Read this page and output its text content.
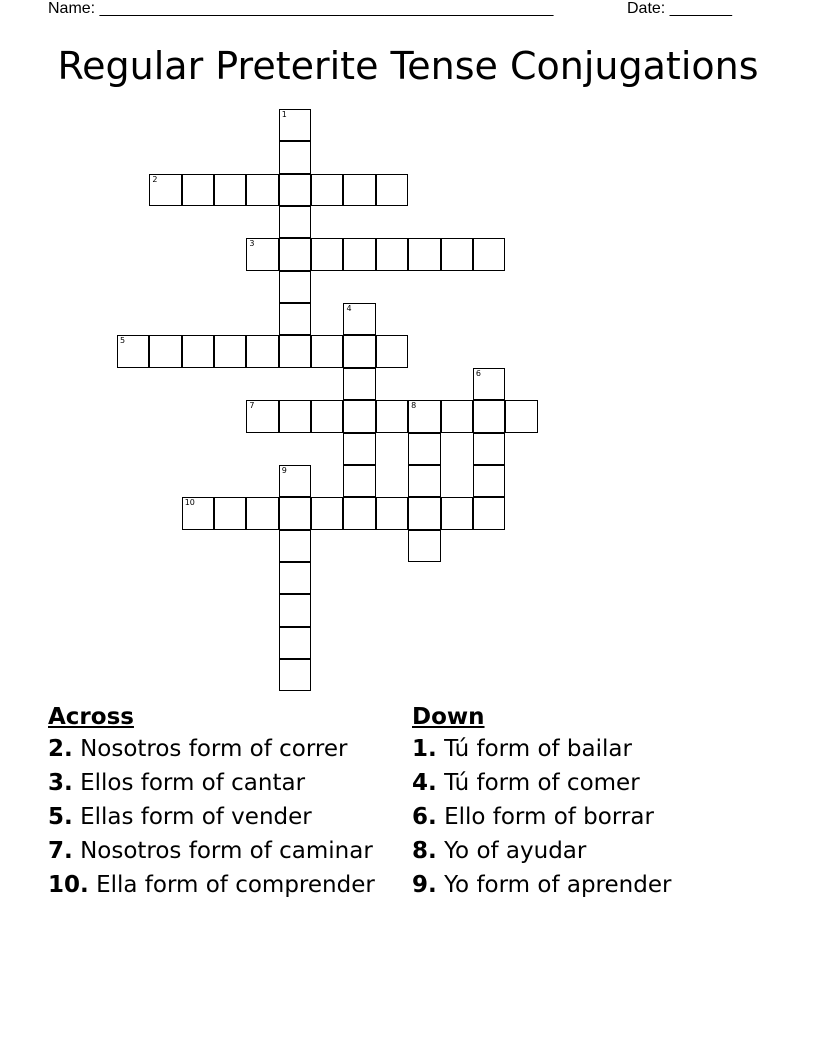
Name: ___________________________________________________	Date: _______
Regular Preterite Tense Conjugations
1
2
3
4
5
6
7	8
9
10
Across
2. Nosotros form of correr
3. Ellos form of cantar
5. Ellas form of vender
7. Nosotros form of caminar
10. Ella form of comprender
Down
1. Tú form of bailar
4. Tú form of comer
6. Ello form of borrar
8. Yo of ayudar
9. Yo form of aprender
